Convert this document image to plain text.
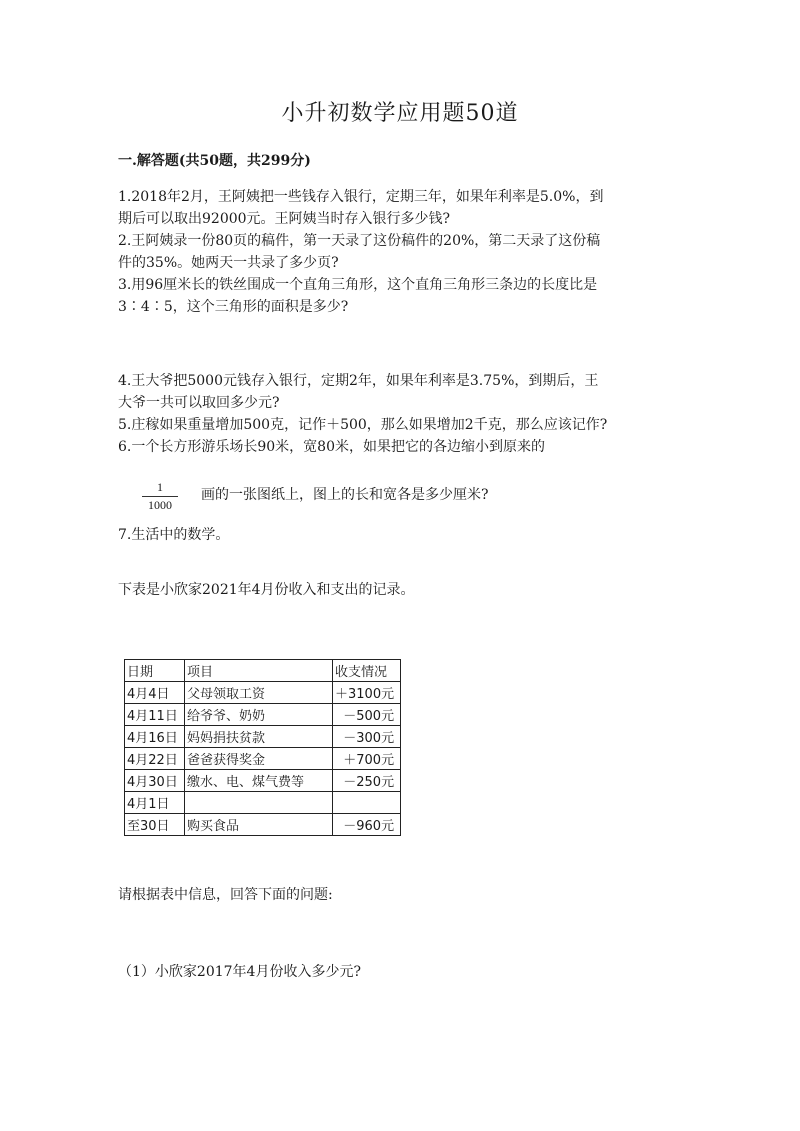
小升初数学应用题50道
一.解答题(共50题，共299分)
1.2018年2月，王阿姨把一些钱存入银行，定期三年，如果年利率是5.0%，到
期后可以取出92000元。王阿姨当时存入银行多少钱?
2.王阿姨录一份80页的稿件，第一天录了这份稿件的20%，第二天录了这份稿
件的35%。她两天一共录了多少页?
3.用96厘米长的铁丝围成一个直角三角形，这个直角三角形三条边的长度比是
3∶4∶5，这个三角形的面积是多少?
4.王大爷把5000元钱存入银行，定期2年，如果年利率是3.75%，到期后，王
大爷一共可以取回多少元?
5.庄稼如果重量增加500克，记作＋500，那么如果增加2千克，那么应该记作?
6.一个长方形游乐场长90米，宽80米，如果把它的各边缩小到原来的
1
1000
画的一张图纸上，图上的长和宽各是多少厘米?
7.生活中的数学。
下表是小欣家2021年4月份收入和支出的记录。
日期	项目	收支情况
4月4日	父母领取工资	＋3100元
4月11日	给爷爷、奶奶	－500元
4月16日	妈妈捐扶贫款	－300元
4月22日	爸爸获得奖金	＋700元
4月30日	缴水、电、煤气费等	－250元
4月1日		
至30日	购买食品	－960元
请根据表中信息，回答下面的问题:
（1）小欣家2017年4月份收入多少元?
